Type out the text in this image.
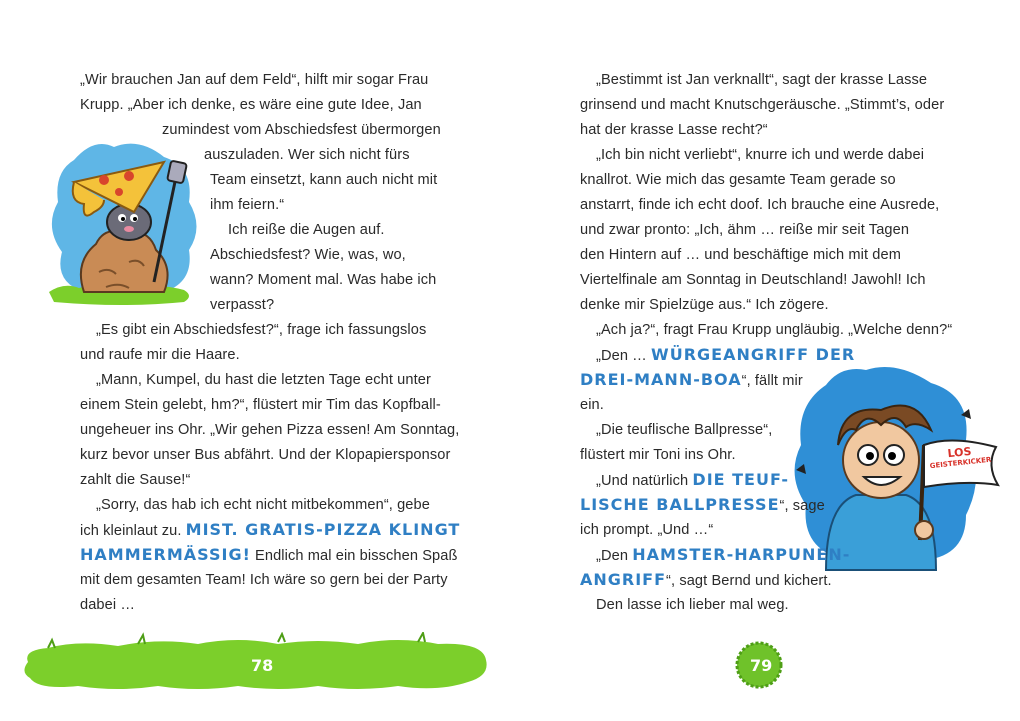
LOS
GEISTERKICKER
„Wir brauchen Jan auf dem Feld“, hilft mir sogar Frau
Krupp. „Aber ich denke, es wäre eine gute Idee, Jan
zumindest vom Abschiedsfest übermorgen
auszuladen. Wer sich nicht fürs
Team einsetzt, kann auch nicht mit
ihm feiern.“
Ich reiße die Augen auf.
Abschiedsfest? Wie, was, wo,
wann? Moment mal. Was habe ich
verpasst?
„Es gibt ein Abschiedsfest?“, frage ich fassungslos
und raufe mir die Haare.
„Mann, Kumpel, du hast die letzten Tage echt unter
einem Stein gelebt, hm?“, flüstert mir Tim das Kopfball-
ungeheuer ins Ohr. „Wir gehen Pizza essen! Am Sonntag,
kurz bevor unser Bus abfährt. Und der Klopapiersponsor
zahlt die Sause!“
„Sorry, das hab ich echt nicht mitbekommen“, gebe
ich kleinlaut zu. MIST. GRATIS-PIZZA KLINGT
HAMMERMÄSSIG! Endlich mal ein bisschen Spaß
mit dem gesamten Team! Ich wäre so gern bei der Party
dabei …
„Bestimmt ist Jan verknallt“, sagt der krasse Lasse
grinsend und macht Knutschgeräusche. „Stimmt’s, oder
hat der krasse Lasse recht?“
„Ich bin nicht verliebt“, knurre ich und werde dabei
knallrot. Wie mich das gesamte Team gerade so
anstarrt, finde ich echt doof. Ich brauche eine Ausrede,
und zwar pronto: „Ich, ähm … reiße mir seit Tagen
den Hintern auf … und beschäftige mich mit dem
Viertelfinale am Sonntag in Deutschland! Jawohl! Ich
denke mir Spielzüge aus.“ Ich zögere.
„Ach ja?“, fragt Frau Krupp ungläubig. „Welche denn?“
„Den … WÜRGEANGRIFF DER
DREI-MANN-BOA“, fällt mir
ein.
„Die teuflische Ballpresse“,
flüstert mir Toni ins Ohr.
„Und natürlich DIE TEUF-
LISCHE BALLPRESSE“, sage
ich prompt. „Und …“
„Den HAMSTER-HARPUNEN-
ANGRIFF“, sagt Bernd und kichert.
Den lasse ich lieber mal weg.
78	79
